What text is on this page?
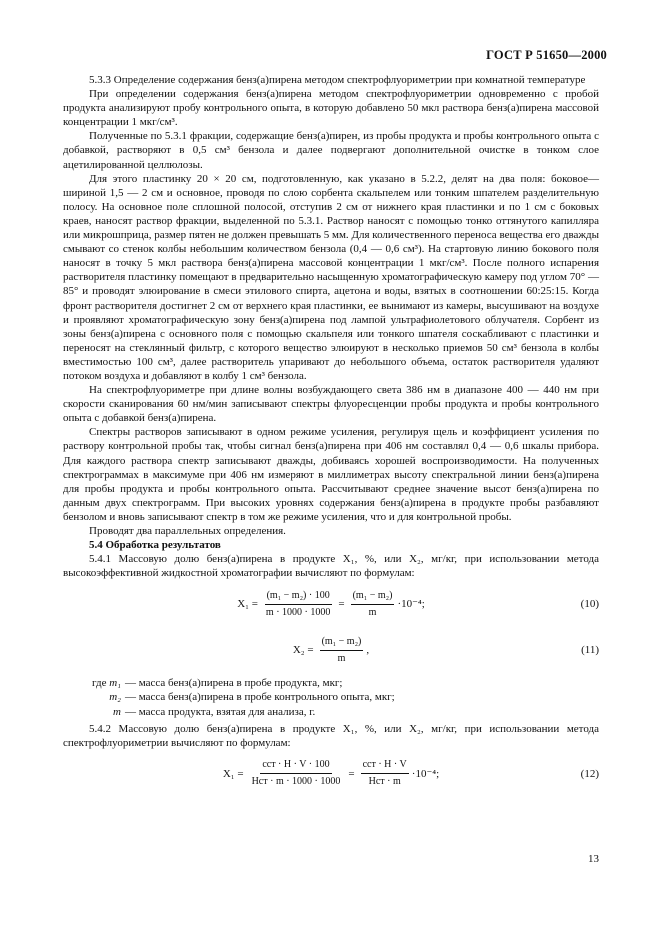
ГОСТ Р 51650—2000

5.3.3 Определение содержания бенз(а)пирена методом спектрофлуориметрии при комнатной температуре

При определении содержания бенз(а)пирена методом спектрофлуориметрии одновременно с пробой продукта анализируют пробу контрольного опыта, в которую добавлено 50 мкл раствора бенз(а)пирена массовой концентрации 1 мкг/см³.

Полученные по 5.3.1 фракции, содержащие бенз(а)пирен, из пробы продукта и пробы контрольного опыта с добавкой, растворяют в 0,5 см³ бензола и далее подвергают дополнительной очистке в тонком слое ацетилированной целлюлозы.

Для этого пластинку 20 × 20 см, подготовленную, как указано в 5.2.2, делят на два поля: боковое— шириной 1,5 — 2 см и основное, проводя по слою сорбента скальпелем или тонким шпателем разделительную полосу. На основное поле сплошной полосой, отступив 2 см от нижнего края пластинки и по 1 см с боковых краев, наносят раствор фракции, выделенной по 5.3.1. Раствор наносят с помощью тонко оттянутого капилляра или микрошприца, размер пятен не должен превышать 5 мм. Для количественного переноса вещества его дважды смывают со стенок колбы небольшим количеством бензола (0,4 — 0,6 см³). На стартовую линию бокового поля наносят в точку 5 мкл раствора бенз(а)пирена массовой концентрации 1 мкг/см³. После полного испарения растворителя пластинку помещают в предварительно насыщенную хроматографическую камеру под углом 70° — 85° и проводят элюирование в смеси этилового спирта, ацетона и воды, взятых в соотношении 60:25:15. Когда фронт растворителя достигнет 2 см от верхнего края пластинки, ее вынимают из камеры, высушивают на воздухе и проявляют хроматографическую зону бенз(а)пирена под лампой ультрафиолетового облучателя. Сорбент из зоны бенз(а)пирена с основного поля с помощью скальпеля или тонкого шпателя соскабливают с пластинки и переносят на стеклянный фильтр, с которого вещество элюируют в несколько приемов 50 см³ бензола в колбы вместимостью 100 см³, далее растворитель упаривают до небольшого объема, остаток растворителя удаляют потоком воздуха и добавляют в колбу 1 см³ бензола.

На спектрофлуориметре при длине волны возбуждающего света 386 нм в диапазоне 400 — 440 нм при скорости сканирования 60 нм/мин записывают спектры флуоресценции пробы продукта и пробы контрольного опыта с добавкой бенз(а)пирена.

Спектры растворов записывают в одном режиме усиления, регулируя щель и коэффициент усиления по раствору контрольной пробы так, чтобы сигнал бенз(а)пирена при 406 нм составлял 0,4 — 0,6 шкалы прибора. Для каждого раствора спектр записывают дважды, добиваясь хорошей воспроизводимости. На полученных спектрограммах в максимуме при 406 нм измеряют в миллиметрах высоту спектральной линии бенз(а)пирена для пробы продукта и пробы контрольного опыта. Рассчитывают среднее значение высот бенз(а)пирена по данным двух спектрограмм. При высоких уровнях содержания бенз(а)пирена в продукте пробы разбавляют бензолом и вновь записывают спектр в том же режиме усиления, что и для контрольной пробы.

Проводят два параллельных определения.

5.4 Обработка результатов

5.4.1 Массовую долю бенз(а)пирена в продукте X₁, %, или X₂, мг/кг, при использовании метода высокоэффективной жидкостной хроматографии вычисляют по формулам:

$X_1 = \frac{\text{(m₁ − m₂) · 100}}{m \cdot 1000 \cdot 1000} = \frac{\text{(m₁ − m₂)}}{m} \cdot 10^{-4}$;	(10)
$X_2 = \frac{\text{(m₁ − m₂)}}{m}$ ,	(11)
где m₁ — масса бенз(а)пирена в пробе продукта, мкг;
m₂ — масса бенз(а)пирена в пробе контрольного опыта, мкг;
m — масса продукта, взятая для анализа, г.

5.4.2 Массовую долю бенз(а)пирена в продукте X₁, %, или X₂, мг/кг, при использовании метода спектрофлуориметрии вычисляют по формулам:

$X_1 = \frac{\text{cст · H · V · 100}}{\text{Hст · m · 1000 · 1000}} = \frac{\text{cст · H · V}}{\text{Hст · m}} \cdot 10^{-4}$;	(12)
13
